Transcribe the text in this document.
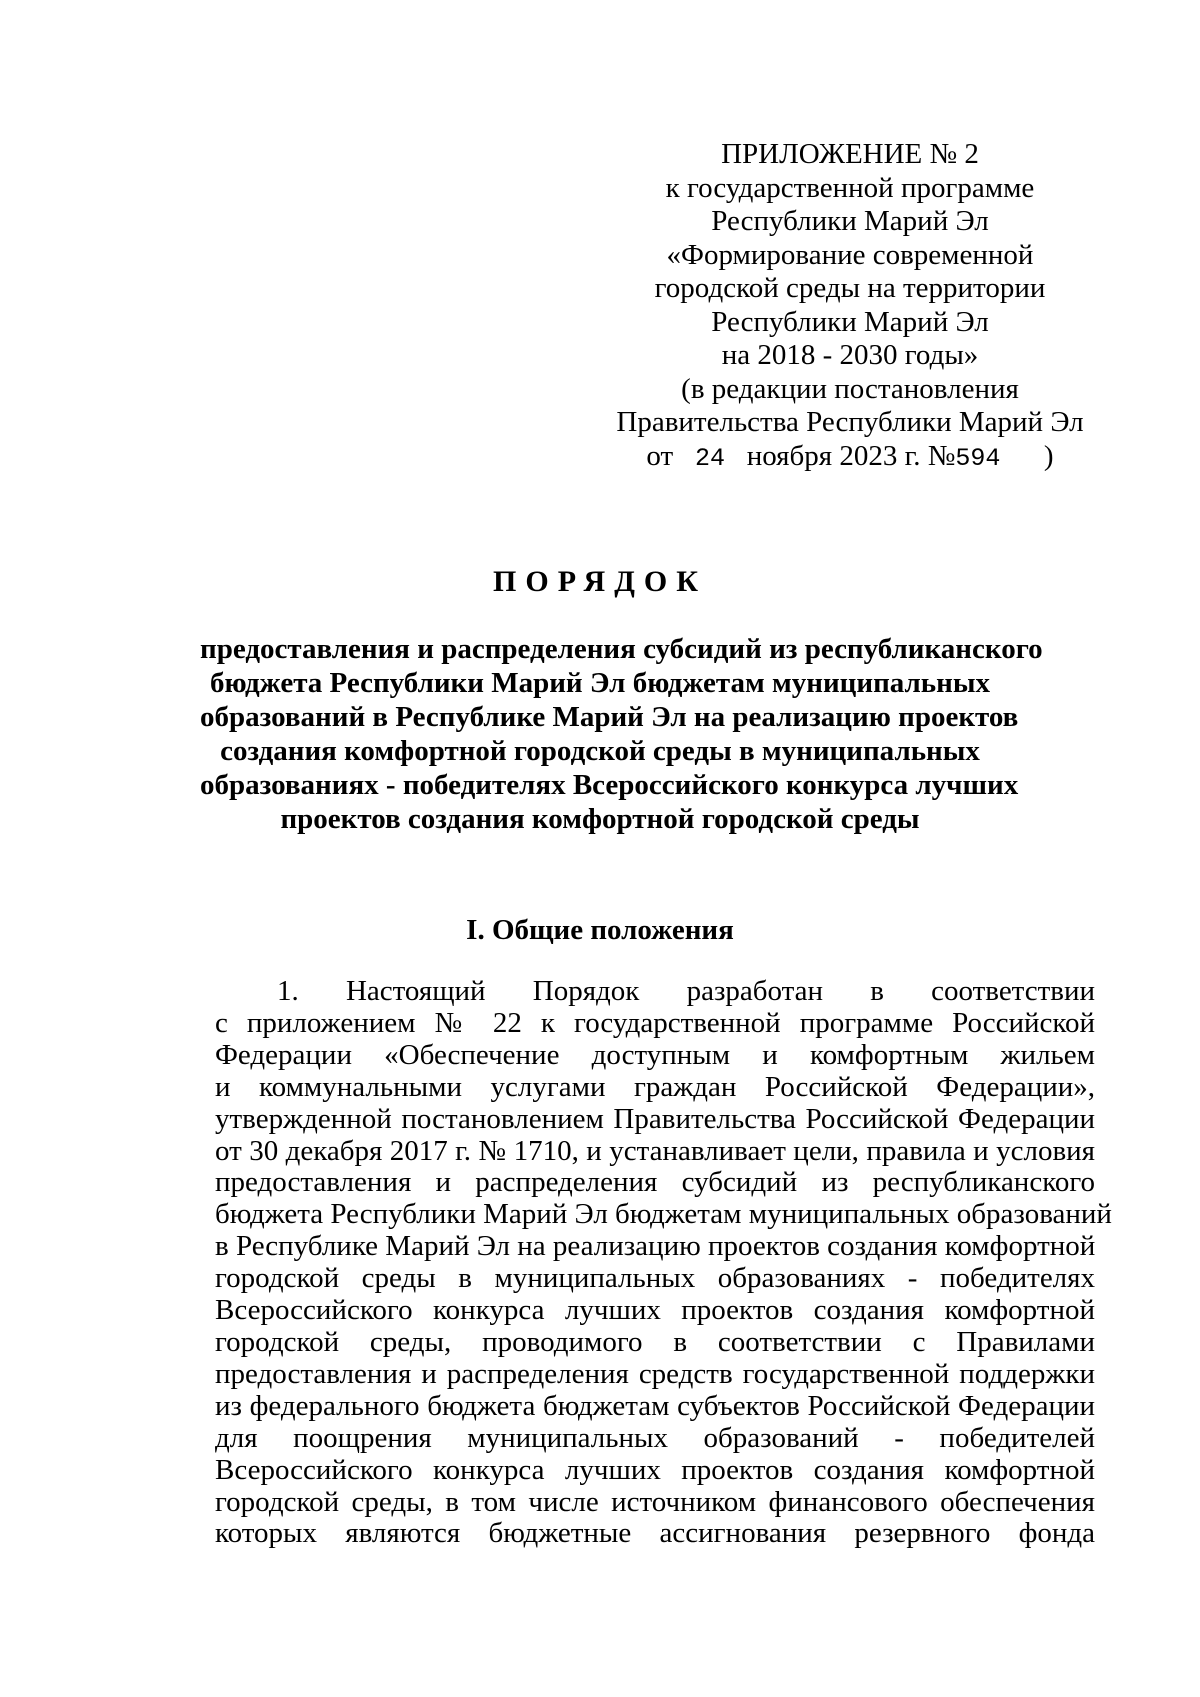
ПРИЛОЖЕНИЕ № 2
к государственной программе
Республики Марий Эл
«Формирование современной
городской среды на территории
Республики Марий Эл
на 2018 - 2030 годы»
(в редакции постановления
Правительства Республики Марий Эл
от 24 ноября 2023 г. №594 )
ПОРЯДОК
предоставления и распределения субсидий из республиканского
бюджета Республики Марий Эл бюджетам муниципальных
образований в Республике Марий Эл на реализацию проектов
создания комфортной городской среды в муниципальных
образованиях - победителях Всероссийского конкурса лучших
проектов создания комфортной городской среды
I. Общие положения
1. Настоящий Порядок разработан в соответствии
с приложением № 22 к государственной программе Российской
Федерации «Обеспечение доступным и комфортным жильем
и коммунальными услугами граждан Российской Федерации»,
утвержденной постановлением Правительства Российской Федерации
от 30 декабря 2017 г. № 1710, и устанавливает цели, правила и условия
предоставления и распределения субсидий из республиканского
бюджета Республики Марий Эл бюджетам муниципальных образований
в Республике Марий Эл на реализацию проектов создания комфортной
городской среды в муниципальных образованиях - победителях
Всероссийского конкурса лучших проектов создания комфортной
городской среды, проводимого в соответствии с Правилами
предоставления и распределения средств государственной поддержки
из федерального бюджета бюджетам субъектов Российской Федерации
для поощрения муниципальных образований - победителей
Всероссийского конкурса лучших проектов создания комфортной
городской среды, в том числе источником финансового обеспечения
которых являются бюджетные ассигнования резервного фонда
